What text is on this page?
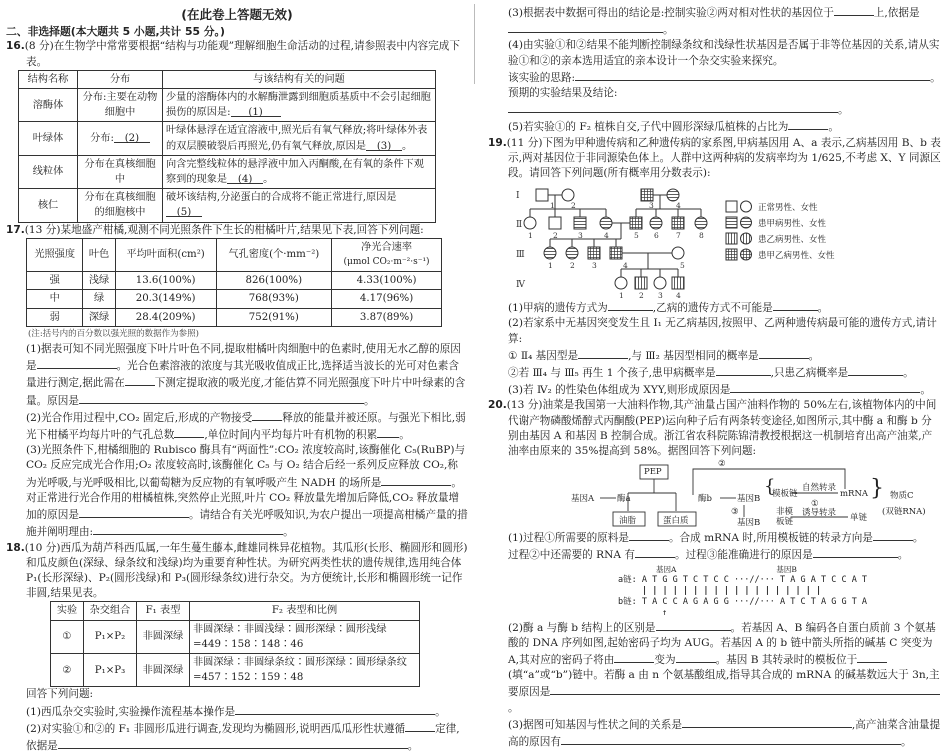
(在此卷上答题无效)
二、非选择题(本大题共 5 小题,共计 55 分。)
16.(8 分)在生物学中常常要根据“结构与功能观”理解细胞生命活动的过程,请参照表中内容完成下表。
结构名称	分布	与该结构有关的问题
溶酶体	分布:主要在动物细胞中	少量的溶酶体内的水解酶泄露到细胞质基质中不会引起细胞损伤的原因是: (1)
叶绿体	分布: (2)	叶绿体悬浮在适宜溶液中,照光后有氧气释放;将叶绿体外表的双层膜破裂后再照光,仍有氧气释放,原因是 (3) 。
线粒体	分布在真核细胞中	向含完整线粒体的悬浮液中加入丙酮酸,在有氧的条件下观察到的现象是 (4) 。
核仁	分布在真核细胞的细胞核中	破坏该结构,分泌蛋白的合成将不能正常进行,原因是(5)
17.(13 分)某地盛产柑橘,观测不同光照条件下生长的柑橘叶片,结果见下表,回答下列问题:
光照强度	叶色	平均叶面积(cm²)	气孔密度(个·mm⁻²)	净光合速率
(μmol CO₂·m⁻²·s⁻¹)

强	浅绿	13.6(100%)	826(100%)	4.33(100%)
中	绿	20.3(149%)	768(93%)	4.17(96%)
弱	深绿	28.4(209%)	752(91%)	3.87(89%)
(注:括号内的百分数以强光照的数据作为参照)
(1)据表可知不同光照强度下叶片叶色不同,提取柑橘叶肉细胞中的色素时,使用无水乙醇的原因是	。光合色素溶液的浓度与其光吸收值成正比,选择适当波长的光可对色素含量进行测定,据此需在	下测定提取液的吸光度,才能估算不同光照强度下叶片中叶绿素的含量。原因是	。
(2)光合作用过程中,CO₂ 固定后,形成的产物接受	释放的能量并被还原。与强光下相比,弱光下柑橘平均每片叶的气孔总数	,单位时间内平均每片叶有机物的积累 。
(3)光照条件下,柑橘细胞的 Rubisco 酶具有“两面性”:CO₂ 浓度较高时,该酶催化 C₅(RuBP)与 CO₂ 反应完成光合作用;O₂ 浓度较高时,该酶催化 C₅ 与 O₂ 结合后经一系列反应释放 CO₂,称为光呼吸,与光呼吸相比,以葡萄糖为反应物的有氧呼吸产生 NADH 的场所是	。对正常进行光合作用的柑橘植株,突然停止光照,叶片 CO₂ 释放量先增加后降低,CO₂ 释放量增加的原因是	。请结合有关光呼吸知识,为农户提出一项提高柑橘产量的措施并阐明理由:	。
18.(10 分)西瓜为葫芦科西瓜属,一年生蔓生藤本,雌雄同株异花植物。其瓜形(长形、椭圆形和圆形)和瓜皮颜色(深绿、绿条纹和浅绿)均为重要育种性状。为研究两类性状的遗传规律,选用纯合体 P₁(长形深绿)、P₂(圆形浅绿)和 P₃(圆形绿条纹)进行杂交。为方便统计,长形和椭圆形统一记作非圆,结果见表。
实验	杂交组合	F₁ 表型	F₂ 表型和比例
①	P₁×P₂	非圆深绿	非圆深绿∶非圆浅绿∶圆形深绿∶圆形浅绿=449∶158∶148∶46
②	P₁×P₃	非圆深绿	非圆深绿∶非圆绿条纹∶圆形深绿∶圆形绿条纹=457∶152∶159∶48
回答下列问题:
(1)西瓜杂交实验时,实验操作流程基本操作是	。
(2)对实验①和②的 F₁ 非圆形瓜进行调查,发现均为椭圆形,说明西瓜瓜形性状遵循	定律,依据是	。
(3)根据表中数据可得出的结论是:控制实验②两对相对性状的基因位于	上,依据是
。
(4)由实验①和②结果不能判断控制绿条纹和浅绿性状基因是否属于非等位基因的关系,请从实验①和②的亲本选用适宜的亲本设计一个杂交实验来探究。
该实验的思路:	。
预期的实验结果及结论:。
(5)若实验①的 F₂ 植株自交,子代中圆形深绿瓜植株的占比为	。
19.(11 分)下图为甲种遗传病和乙种遗传病的家系图,甲病基因用 A、a 表示,乙病基因用 B、b 表示,两对基因位于非同源染色体上。人群中这两种病的发病率均为 1/625,不考虑 X、Y 同源区段。请回答下列问题(所有概率用分数表示):
Ⅰ
Ⅱ
Ⅲ
Ⅳ
1 2	3	4
1	2	3	4	5 6 7 8
1 2 3	4	5
1 2 3 4
正常男性、女性
患甲病男性、女性
患乙病男性、女性
患甲乙病男性、女性
(1)甲病的遗传方式为	,乙病的遗传方式不可能是	。
(2)若家系中无基因突变发生且 Ⅰ₁ 无乙病基因,按照甲、乙两种遗传病最可能的遗传方式,请计算:
① Ⅱ₄ 基因型是	,与 Ⅲ₂ 基因型相同的概率是	。
②若 Ⅲ₄ 与 Ⅲ₅ 再生 1 个孩子,患甲病概率是	,只患乙病概率是	。
(3)若 Ⅳ₂ 的性染色体组成为 XYY,则形成原因是	。
20.(13 分)油菜是我国第一大油料作物,其产油量占国产油料作物的 50%左右,该植物体内的中间代谢产物磷酸烯醇式丙酮酸(PEP)运向种子后有两条转变途径,如图所示,其中酶 a 和酶 b 分别由基因 A 和基因 B 控制合成。浙江省农科院陈锦清教授根据这一机制培育出高产油菜,产油率由原来的 35%提高到 58%。据图回答下列问题:
PEP
②
基因A	酶a	酶b	基因B
③
基因B
油脂	蛋白质
{
模板链
非模板链
自然转录
①
诱导转录
mRNA
单链
} 物质C
(双链RNA)
(1)过程①所需要的原料是	。合成 mRNA 时,所用模板链的转录方向是	。
过程②中还需要的 RNA 有	。过程③能准确进行的原因是	。
基因A	基因B
a链: A T G G T C T C C ···//··· T A G A T C C A T
| | | | | | | | | | | | | | | | | |
b链: T A C C A G A G G ···//··· A T C T A G G T A
↑
(2)酶 a 与酶 b 结构上的区别是	。若基因 A、B 编码各自蛋白质前 3 个氨基酸的 DNA 序列如图,起始密码子均为 AUG。若基因 A 的 b 链中箭头所指的碱基 C 突变为 A,其对应的密码子将由	变为	。基因 B 其转录时的模板位于(填“a”或“b”)链中。若酶 a 由 n 个氨基酸组成,指导其合成的 mRNA 的碱基数远大于 3n,主要原因是。
(3)据图可知基因与性状之间的关系是	,高产油菜含油量提高的原因有	。
